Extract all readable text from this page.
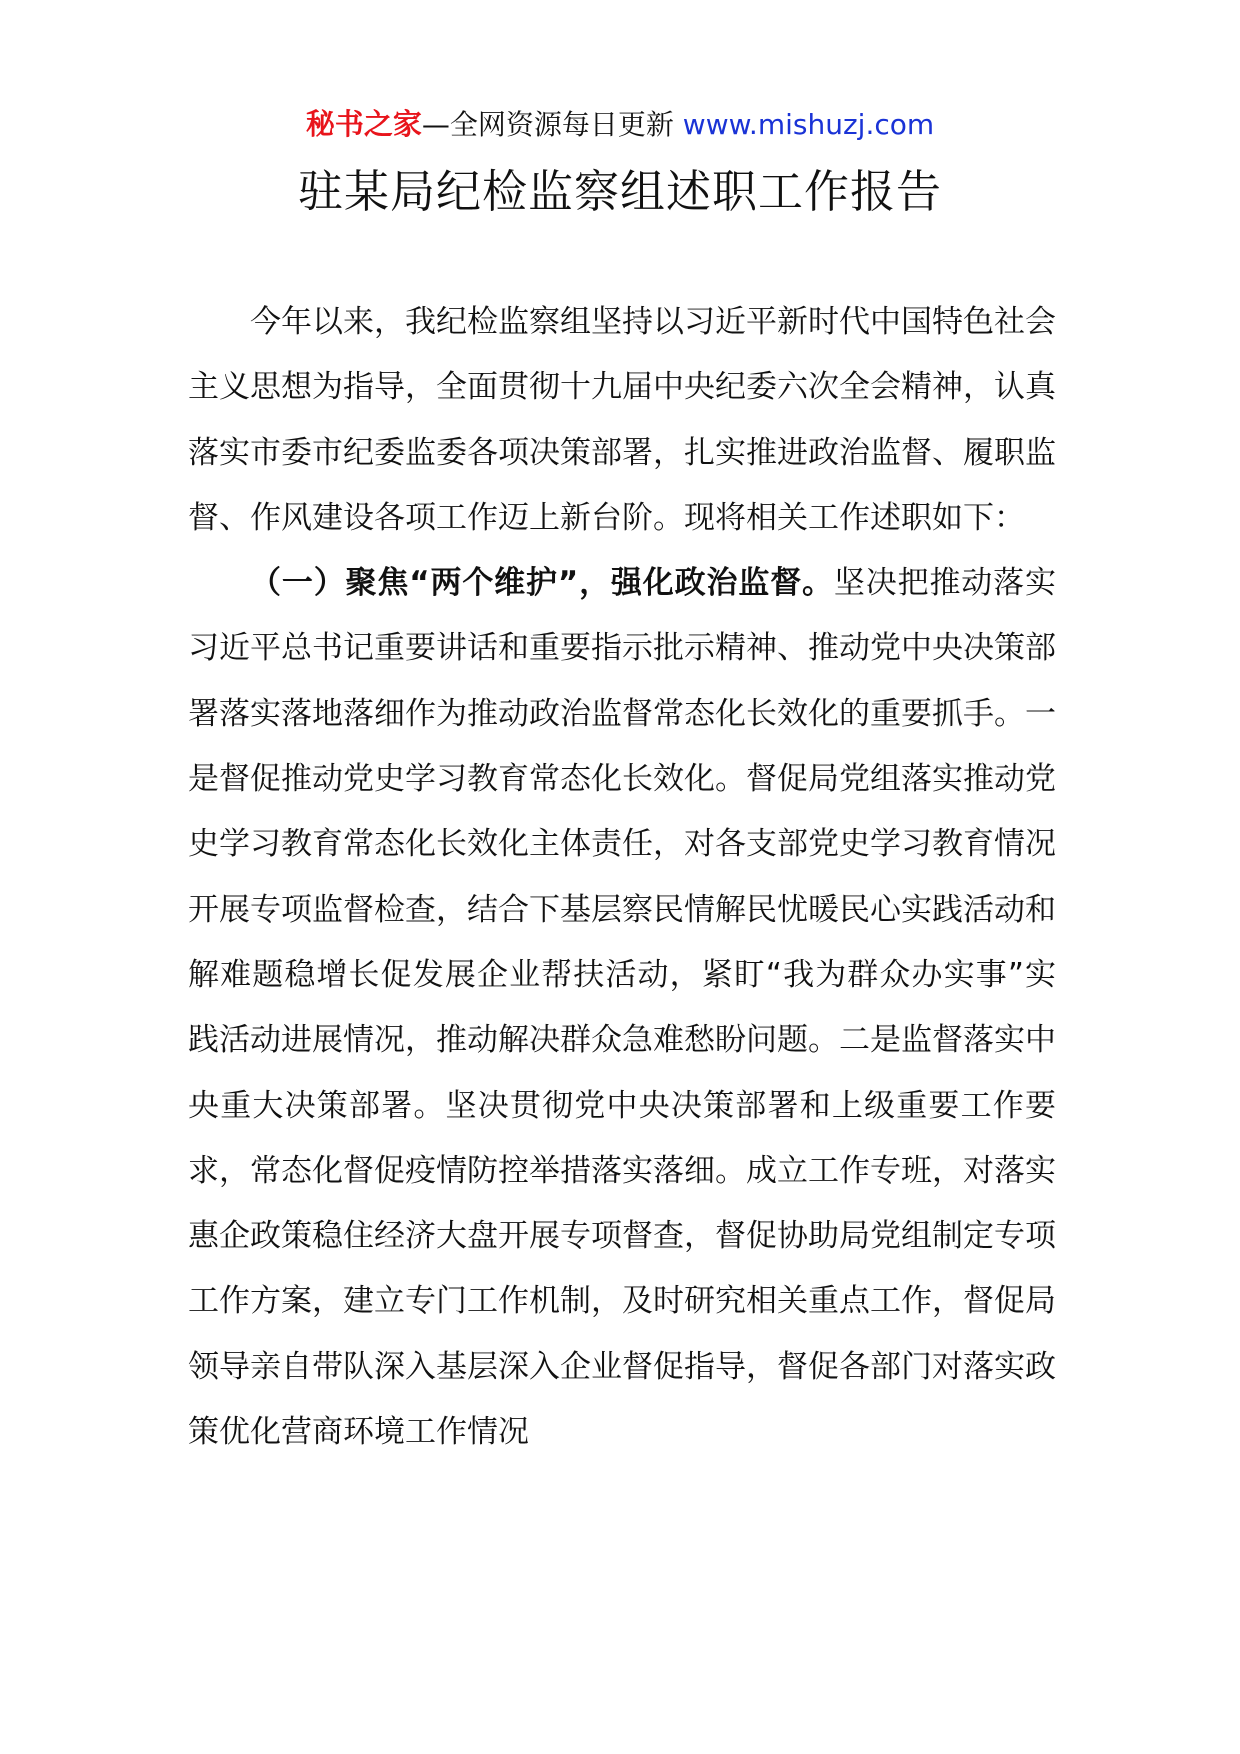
秘书之家—全网资源每日更新 www.mishuzj.com
驻某局纪检监察组述职工作报告

今年以来，我纪检监察组坚持以习近平新时代中国特色社会主义思想为指导，全面贯彻十九届中央纪委六次全会精神，认真落实市委市纪委监委各项决策部署，扎实推进政治监督、履职监督、作风建设各项工作迈上新台阶。现将相关工作述职如下：

（一）聚焦“两个维护”，强化政治监督。坚决把推动落实习近平总书记重要讲话和重要指示批示精神、推动党中央决策部署落实落地落细作为推动政治监督常态化长效化的重要抓手。一是督促推动党史学习教育常态化长效化。督促局党组落实推动党史学习教育常态化长效化主体责任，对各支部党史学习教育情况开展专项监督检查，结合下基层察民情解民忧暖民心实践活动和解难题稳增长促发展企业帮扶活动，紧盯“我为群众办实事”实践活动进展情况，推动解决群众急难愁盼问题。二是监督落实中央重大决策部署。坚决贯彻党中央决策部署和上级重要工作要求，常态化督促疫情防控举措落实落细。成立工作专班，对落实惠企政策稳住经济大盘开展专项督查，督促协助局党组制定专项工作方案，建立专门工作机制，及时研究相关重点工作，督促局领导亲自带队深入基层深入企业督促指导，督促各部门对落实政策优化营商环境工作情况
